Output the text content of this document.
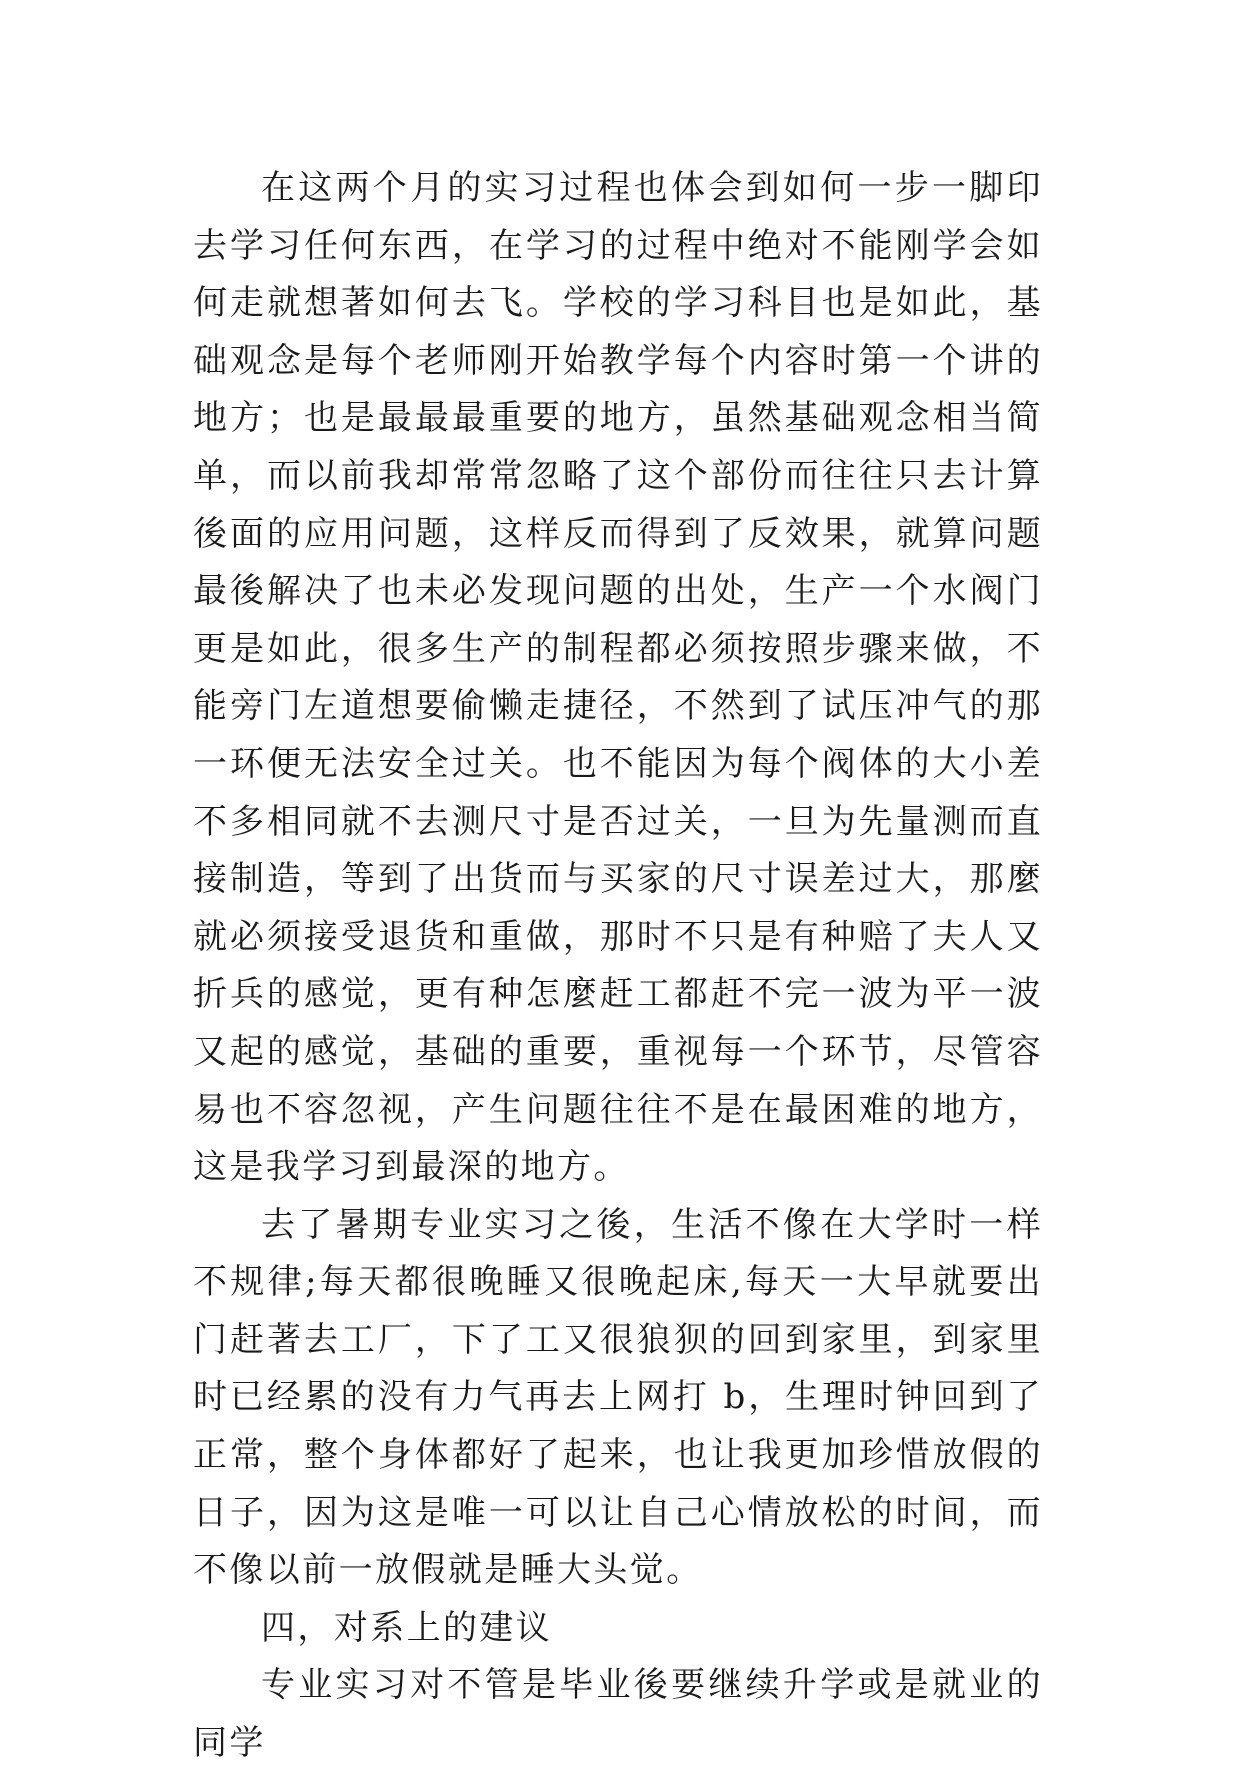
在这两个月的实习过程也体会到如何一步一脚印去学习任何东西，在学习的过程中绝对不能刚学会如何走就想著如何去飞。学校的学习科目也是如此，基础观念是每个老师刚开始教学每个内容时第一个讲的地方；也是最最最重要的地方，虽然基础观念相当简单，而以前我却常常忽略了这个部份而往往只去计算後面的应用问题，这样反而得到了反效果，就算问题最後解决了也未必发现问题的出处，生产一个水阀门更是如此，很多生产的制程都必须按照步骤来做，不能旁门左道想要偷懒走捷径，不然到了试压冲气的那一环便无法安全过关。也不能因为每个阀体的大小差不多相同就不去测尺寸是否过关，一旦为先量测而直接制造，等到了出货而与买家的尺寸误差过大，那麼就必须接受退货和重做，那时不只是有种赔了夫人又折兵的感觉，更有种怎麼赶工都赶不完一波为平一波又起的感觉，基础的重要，重视每一个环节，尽管容易也不容忽视，产生问题往往不是在最困难的地方，这是我学习到最深的地方。

去了暑期专业实习之後，生活不像在大学时一样不规律;每天都很晚睡又很晚起床,每天一大早就要出门赶著去工厂，下了工又很狼狈的回到家里，到家里时已经累的没有力气再去上网打 b，生理时钟回到了正常，整个身体都好了起来，也让我更加珍惜放假的日子，因为这是唯一可以让自己心情放松的时间，而不像以前一放假就是睡大头觉。

四，对系上的建议

专业实习对不管是毕业後要继续升学或是就业的同学
